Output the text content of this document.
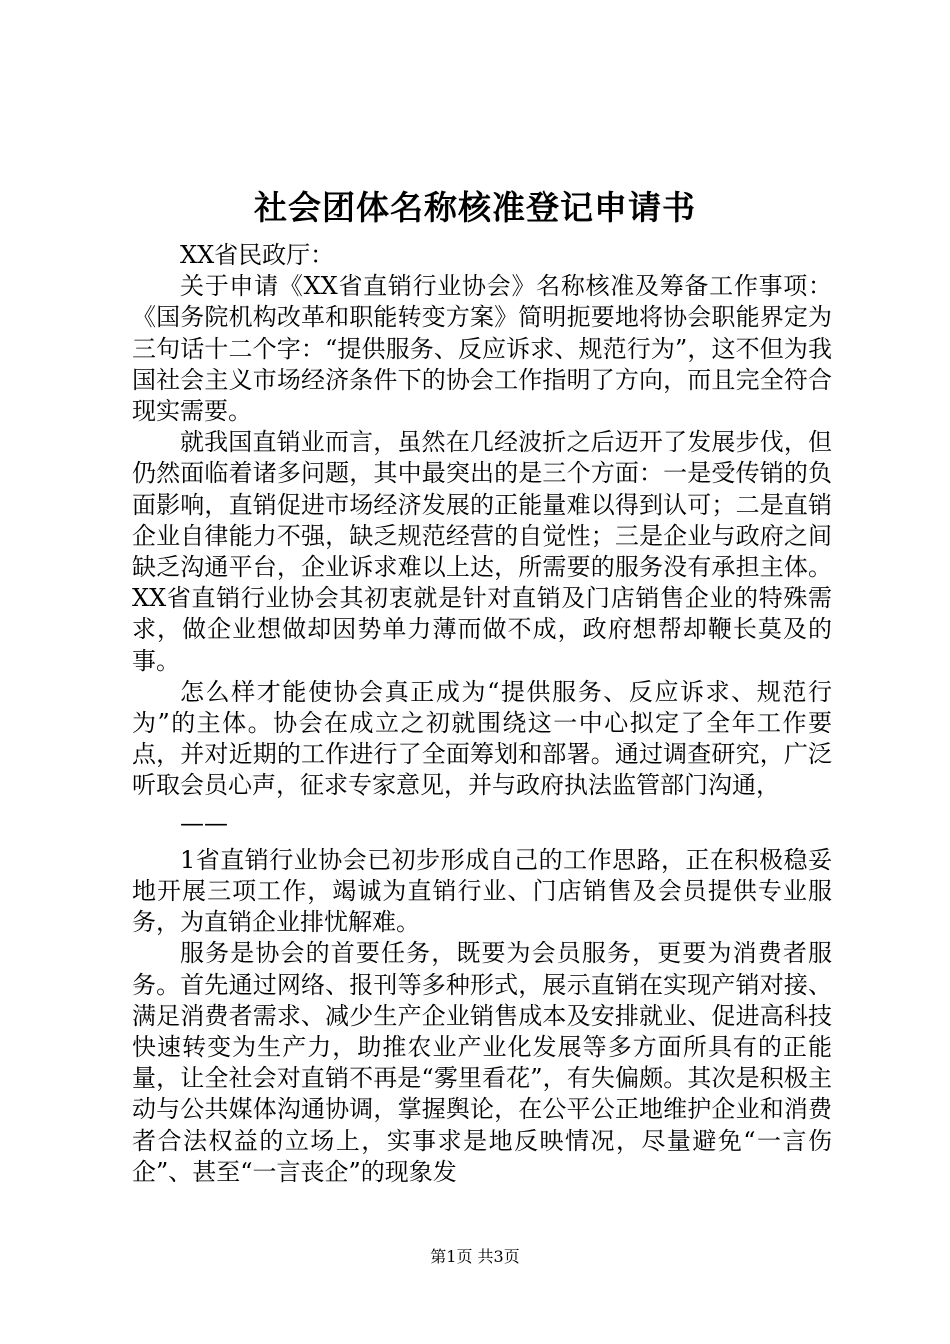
社会团体名称核准登记申请书

XX省民政厅：

关于申请《XX省直销行业协会》名称核准及筹备工作事项：《国务院机构改革和职能转变方案》简明扼要地将协会职能界定为三句话十二个字：“提供服务、反应诉求、规范行为”，这不但为我国社会主义市场经济条件下的协会工作指明了方向，而且完全符合现实需要。

就我国直销业而言，虽然在几经波折之后迈开了发展步伐，但仍然面临着诸多问题，其中最突出的是三个方面：一是受传销的负面影响，直销促进市场经济发展的正能量难以得到认可；二是直销企业自律能力不强，缺乏规范经营的自觉性；三是企业与政府之间缺乏沟通平台，企业诉求难以上达，所需要的服务没有承担主体。XX省直销行业协会其初衷就是针对直销及门店销售企业的特殊需求，做企业想做却因势单力薄而做不成，政府想帮却鞭长莫及的事。

怎么样才能使协会真正成为“提供服务、反应诉求、规范行为”的主体。协会在成立之初就围绕这一中心拟定了全年工作要点，并对近期的工作进行了全面筹划和部署。通过调查研究，广泛听取会员心声，征求专家意见，并与政府执法监管部门沟通，

——

1省直销行业协会已初步形成自己的工作思路，正在积极稳妥地开展三项工作，竭诚为直销行业、门店销售及会员提供专业服务，为直销企业排忧解难。

服务是协会的首要任务，既要为会员服务，更要为消费者服务。首先通过网络、报刊等多种形式，展示直销在实现产销对接、满足消费者需求、减少生产企业销售成本及安排就业、促进高科技快速转变为生产力，助推农业产业化发展等多方面所具有的正能量，让全社会对直销不再是“雾里看花”，有失偏颇。其次是积极主动与公共媒体沟通协调，掌握舆论，在公平公正地维护企业和消费者合法权益的立场上，实事求是地反映情况，尽量避免“一言伤企”、甚至“一言丧企”的现象发

第1页 共3页
